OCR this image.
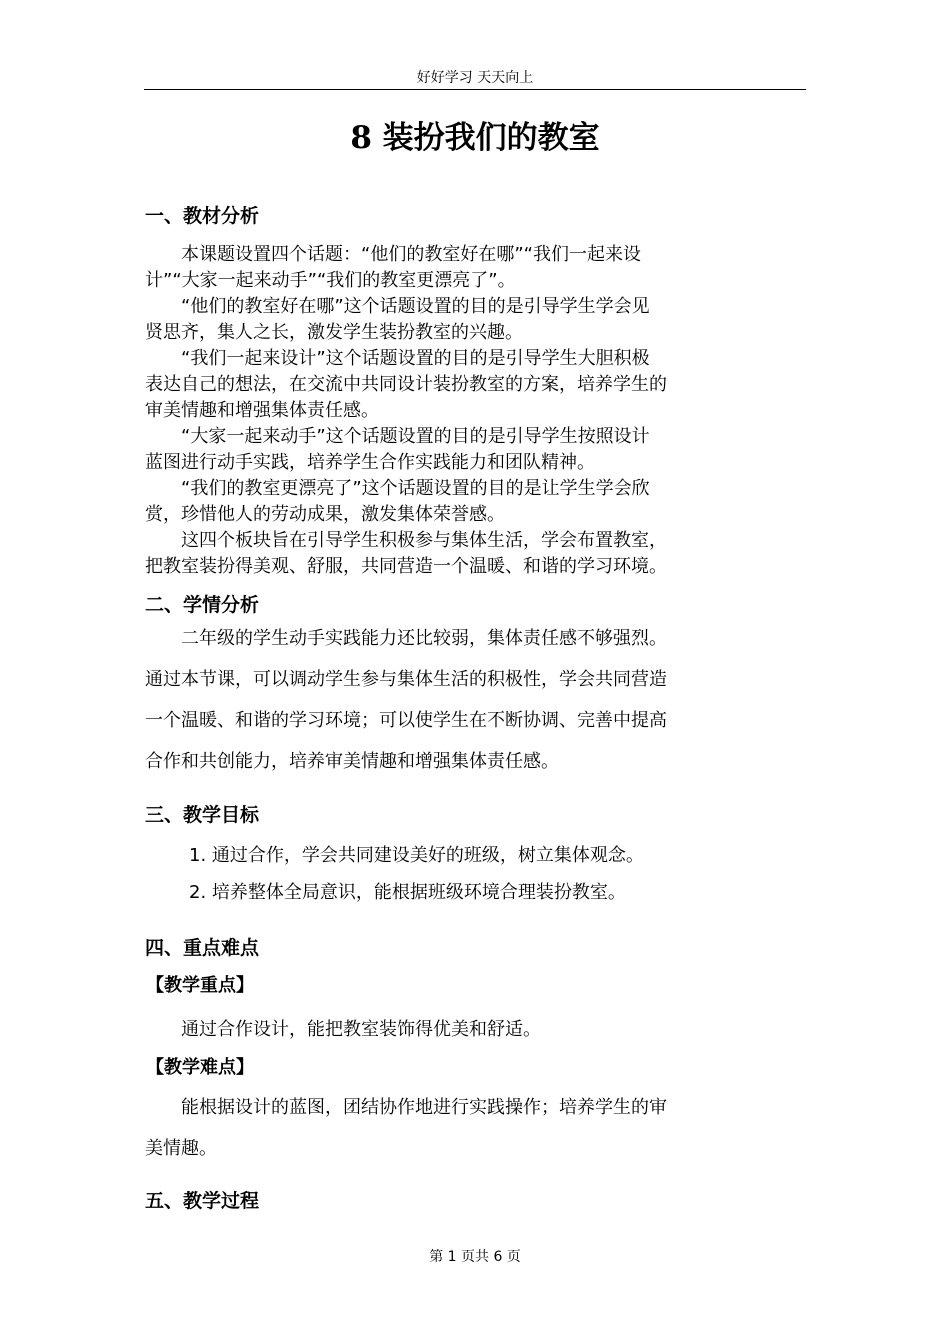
好好学习 天天向上
8 装扮我们的教室
一、教材分析
　　本课题设置四个话题：“他们的教室好在哪”“我们一起来设
计”“大家一起来动手”“我们的教室更漂亮了”。
　　“他们的教室好在哪”这个话题设置的目的是引导学生学会见
贤思齐，集人之长，激发学生装扮教室的兴趣。
　　“我们一起来设计”这个话题设置的目的是引导学生大胆积极
表达自己的想法，在交流中共同设计装扮教室的方案，培养学生的
审美情趣和增强集体责任感。
　　“大家一起来动手”这个话题设置的目的是引导学生按照设计
蓝图进行动手实践，培养学生合作实践能力和团队精神。
　　“我们的教室更漂亮了”这个话题设置的目的是让学生学会欣
赏，珍惜他人的劳动成果，激发集体荣誉感。
　　这四个板块旨在引导学生积极参与集体生活，学会布置教室，
把教室装扮得美观、舒服，共同营造一个温暖、和谐的学习环境。
二、学情分析
　　二年级的学生动手实践能力还比较弱，集体责任感不够强烈。
通过本节课，可以调动学生参与集体生活的积极性，学会共同营造
一个温暖、和谐的学习环境；可以使学生在不断协调、完善中提高
合作和共创能力，培养审美情趣和增强集体责任感。
三、教学目标
1. 通过合作，学会共同建设美好的班级，树立集体观念。
2. 培养整体全局意识，能根据班级环境合理装扮教室。
四、重点难点
【教学重点】
　　通过合作设计，能把教室装饰得优美和舒适。
【教学难点】
　　能根据设计的蓝图，团结协作地进行实践操作；培养学生的审
美情趣。
五、教学过程
第 1 页共 6 页
